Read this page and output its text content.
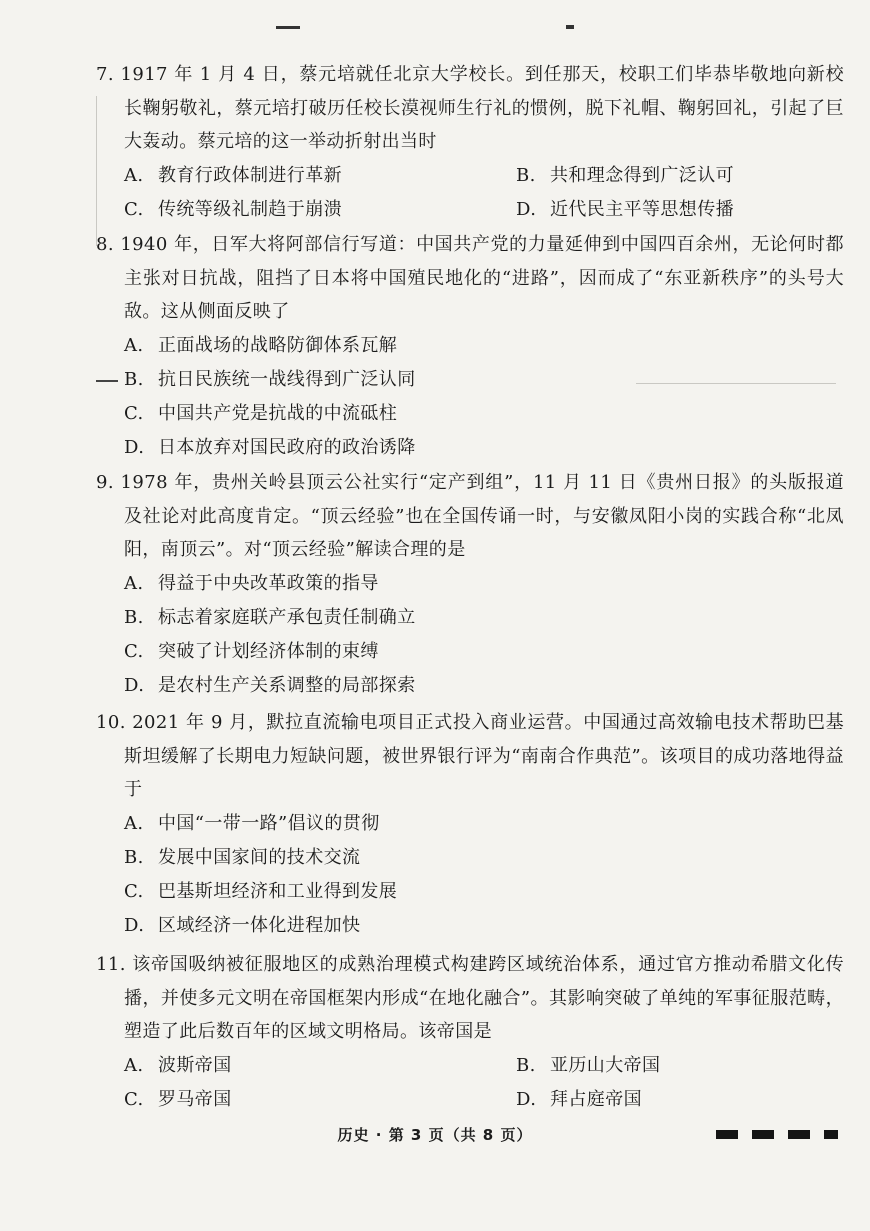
7. 1917 年 1 月 4 日，蔡元培就任北京大学校长。到任那天，校职工们毕恭毕敬地向新校长鞠躬敬礼，蔡元培打破历任校长漠视师生行礼的惯例，脱下礼帽、鞠躬回礼，引起了巨大轰动。蔡元培的这一举动折射出当时

A. 教育行政体制进行革新	B. 共和理念得到广泛认可
C. 传统等级礼制趋于崩溃	D. 近代民主平等思想传播

8. 1940 年，日军大将阿部信行写道：中国共产党的力量延伸到中国四百余州，无论何时都主张对日抗战，阻挡了日本将中国殖民地化的“进路”，因而成了“东亚新秩序”的头号大敌。这从侧面反映了

A. 正面战场的战略防御体系瓦解
B. 抗日民族统一战线得到广泛认同
C. 中国共产党是抗战的中流砥柱
D. 日本放弃对国民政府的政治诱降

9. 1978 年，贵州关岭县顶云公社实行“定产到组”，11 月 11 日《贵州日报》的头版报道及社论对此高度肯定。“顶云经验”也在全国传诵一时，与安徽凤阳小岗的实践合称“北凤阳，南顶云”。对“顶云经验”解读合理的是

A. 得益于中央改革政策的指导
B. 标志着家庭联产承包责任制确立
C. 突破了计划经济体制的束缚
D. 是农村生产关系调整的局部探索

10. 2021 年 9 月，默拉直流输电项目正式投入商业运营。中国通过高效输电技术帮助巴基斯坦缓解了长期电力短缺问题，被世界银行评为“南南合作典范”。该项目的成功落地得益于

A. 中国“一带一路”倡议的贯彻
B. 发展中国家间的技术交流
C. 巴基斯坦经济和工业得到发展
D. 区域经济一体化进程加快

11. 该帝国吸纳被征服地区的成熟治理模式构建跨区域统治体系，通过官方推动希腊文化传播，并使多元文明在帝国框架内形成“在地化融合”。其影响突破了单纯的军事征服范畴，塑造了此后数百年的区域文明格局。该帝国是

A. 波斯帝国	B. 亚历山大帝国
C. 罗马帝国	D. 拜占庭帝国
历史 · 第 3 页（共 8 页）
